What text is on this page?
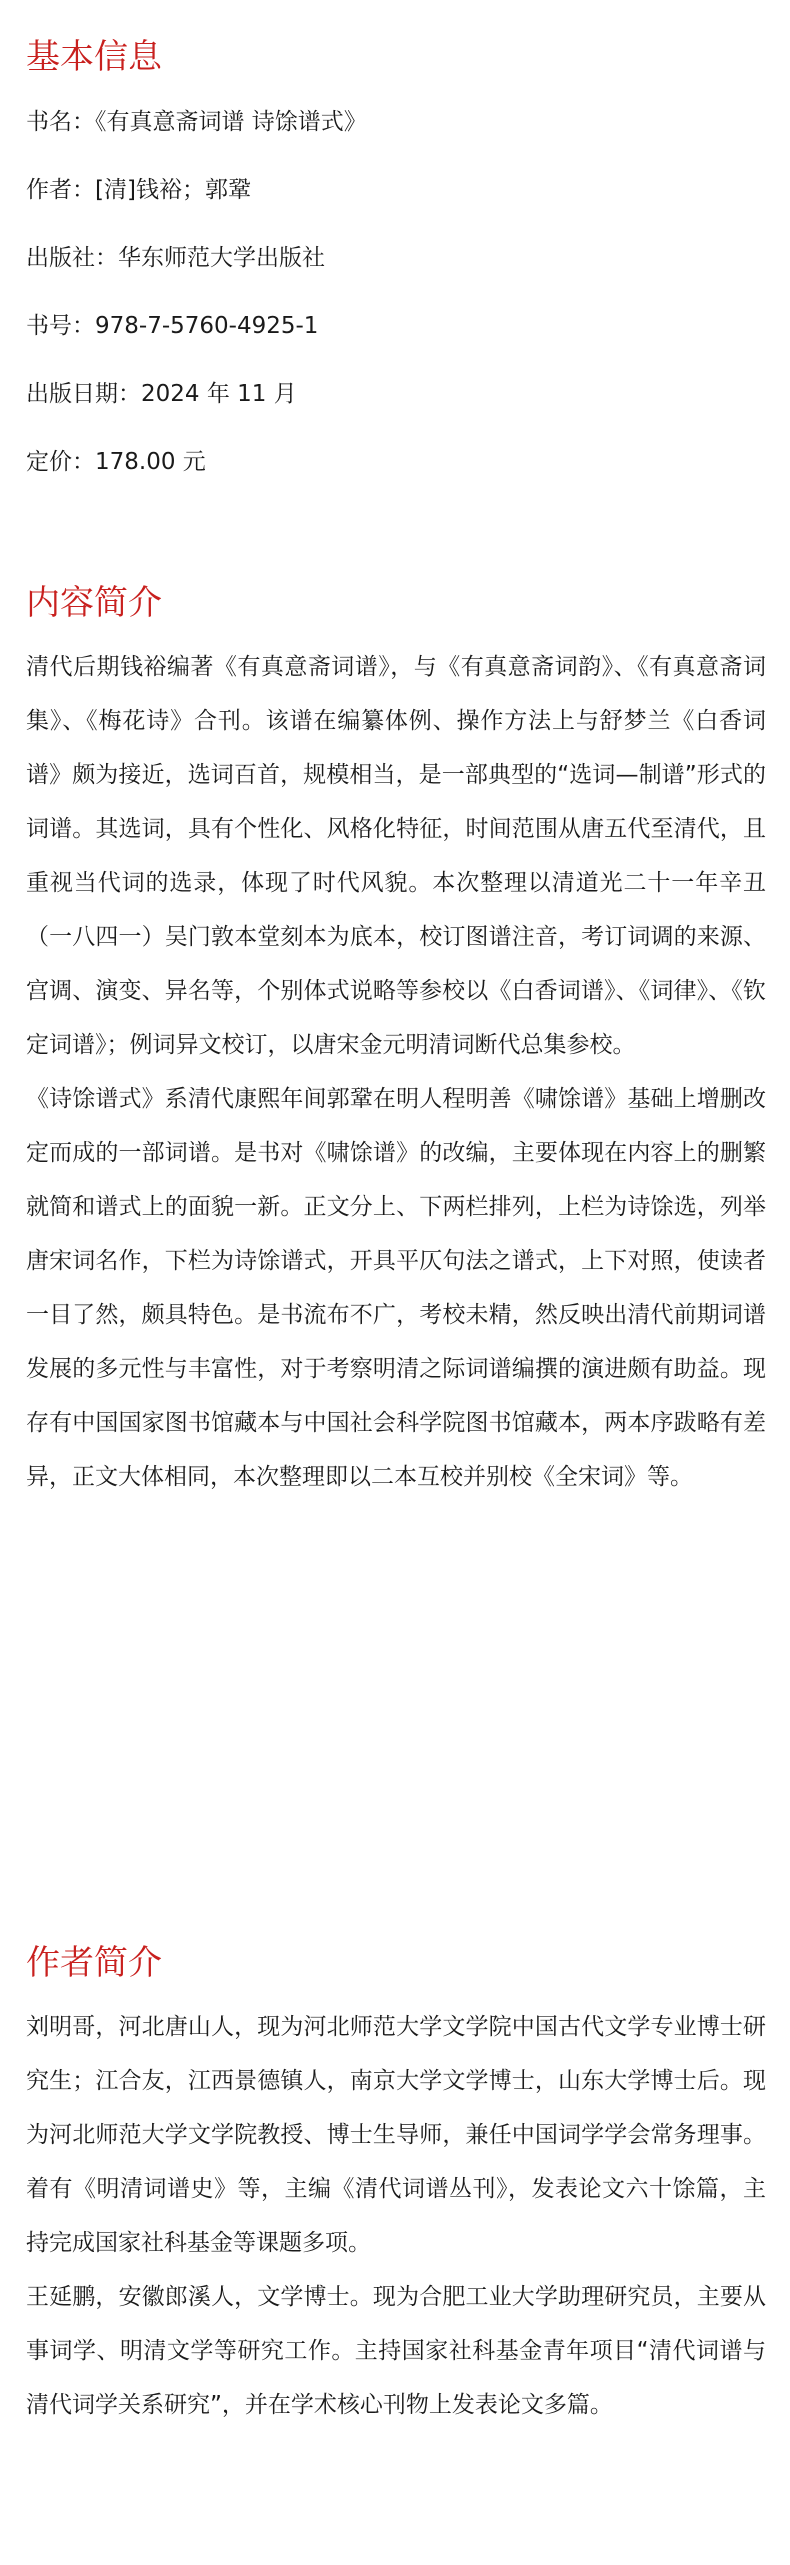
基本信息

书名：《有真意斋词谱 诗馀谱式》

作者：[清]钱裕；郭鞏

出版社：华东师范大学出版社

书号：978-7-5760-4925-1

出版日期：2024 年 11 月

定价：178.00 元

内容简介

清代后期钱裕编著《有真意斋词谱》，与《有真意斋词韵》、《有真意斋词集》、《梅花诗》合刊。该谱在编纂体例、操作方法上与舒梦兰《白香词谱》颇为接近，选词百首，规模相当，是一部典型的“选词—制谱”形式的词谱。其选词，具有个性化、风格化特征，时间范围从唐五代至清代，且重视当代词的选录，体现了时代风貌。本次整理以清道光二十一年辛丑（一八四一）吴门敦本堂刻本为底本，校订图谱注音，考订词调的来源、宫调、演变、异名等，个别体式说略等参校以《白香词谱》、《词律》、《钦定词谱》；例词异文校订，以唐宋金元明清词断代总集参校。

《诗馀谱式》系清代康熙年间郭鞏在明人程明善《啸馀谱》基础上增删改定而成的一部词谱。是书对《啸馀谱》的改编，主要体现在内容上的删繁就简和谱式上的面貌一新。正文分上、下两栏排列，上栏为诗馀选，列举唐宋词名作，下栏为诗馀谱式，开具平仄句法之谱式，上下对照，使读者一目了然，颇具特色。是书流布不广，考校未精，然反映出清代前期词谱发展的多元性与丰富性，对于考察明清之际词谱编撰的演进颇有助益。现存有中国国家图书馆藏本与中国社会科学院图书馆藏本，两本序跋略有差异，正文大体相同，本次整理即以二本互校并别校《全宋词》等。

作者简介

刘明哥，河北唐山人，现为河北师范大学文学院中国古代文学专业博士研究生；江合友，江西景德镇人，南京大学文学博士，山东大学博士后。现为河北师范大学文学院教授、博士生导师，兼任中国词学学会常务理事。着有《明清词谱史》等，主编《清代词谱丛刊》，发表论文六十馀篇，主持完成国家社科基金等课题多项。

王延鹏，安徽郎溪人，文学博士。现为合肥工业大学助理研究员，主要从事词学、明清文学等研究工作。主持国家社科基金青年项目“清代词谱与清代词学关系研究”，并在学术核心刊物上发表论文多篇。
